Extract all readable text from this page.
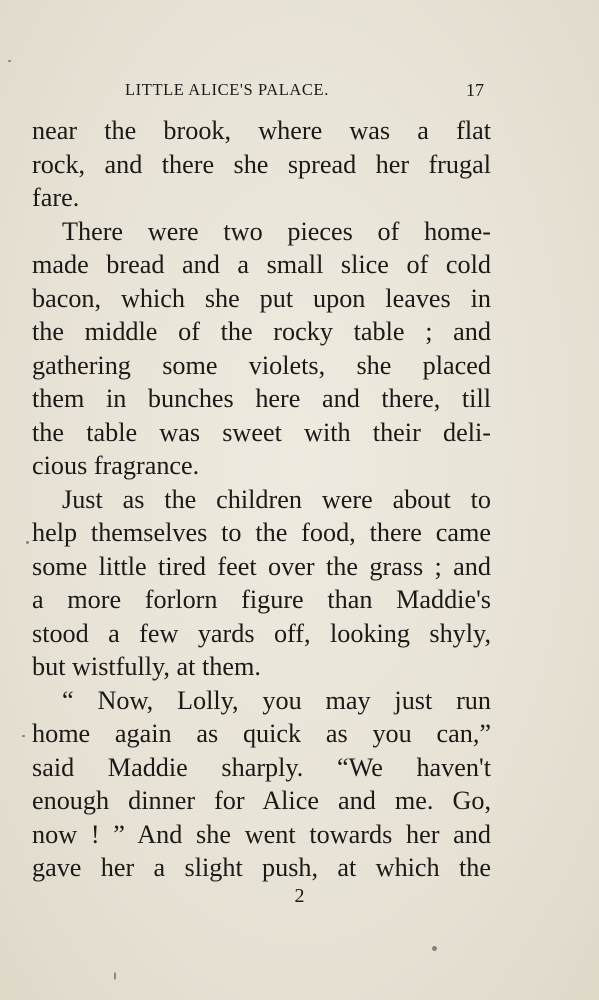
LITTLE ALICE'S PALACE.	17
near the brook, where was a flat
rock, and there she spread her frugal
fare.
There were two pieces of home-
made bread and a small slice of cold
bacon, which she put upon leaves in
the middle of the rocky table ; and
gathering some violets, she placed
them in bunches here and there, till
the table was sweet with their deli-
cious fragrance.
Just as the children were about to
help themselves to the food, there came
some little tired feet over the grass ; and
a more forlorn figure than Maddie's
stood a few yards off, looking shyly,
but wistfully, at them.
“ Now, Lolly, you may just run
home again as quick as you can,”
said Maddie sharply. “We haven't
enough dinner for Alice and me. Go,
now ! ” And she went towards her and
gave her a slight push, at which the
2
